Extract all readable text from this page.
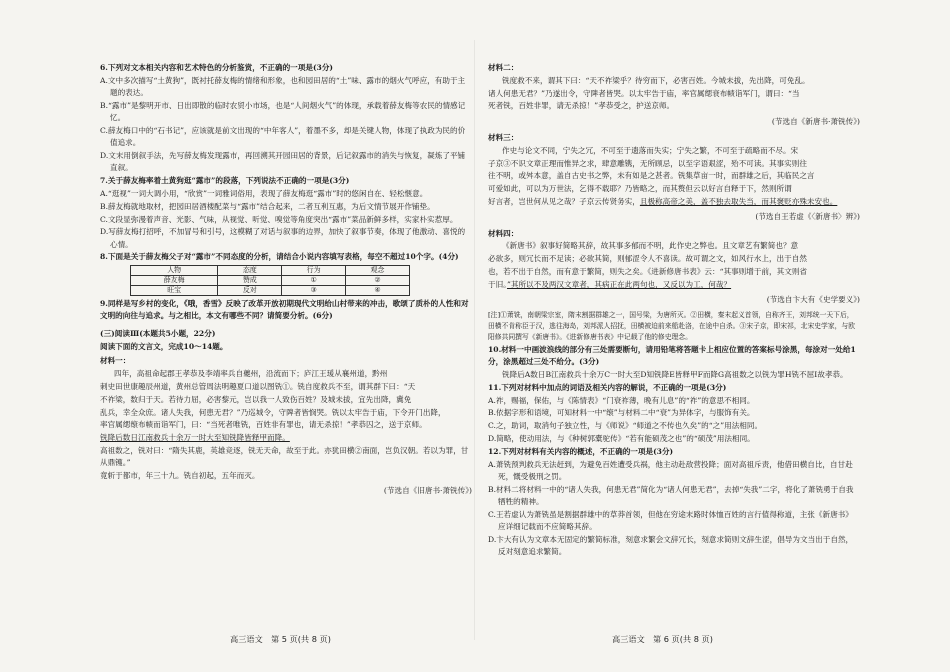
6.下列对文本相关内容和艺术特色的分析鉴赏，不正确的一项是(3分)

A.文中多次描写“土黄狗”，既衬托薛友梅的情绪和形象，也和园田居的“土”味、露市的烟火气呼应，有助于主题的表达。

B.“露市”是黎明开市、日出即散的临时农贸小市场，也是“人间烟火气”的体现，承载着薛友梅等农民的情感记忆。

C.薛友梅口中的“石书记”，应该就是前文出现的“中年客人”，着墨不多，却是关键人物，体现了执政为民的价值追求。

D.文末用倒叙手法，先写薛友梅发现露市，再回溯其开园田居的背景，后记叙露市的消失与恢复，凝炼了平铺直叙。

7.关于薛友梅率着土黄狗逛“露市”的段落，下列说法不正确的一项是(3分)

A.“逛视”一词大调小用，“欣赏”一词雅词俗用，表现了薛友梅逛“露市”时的悠闲自在、轻松惬意。

B.薛友梅就地取材，把园田居酒楼配菜与“露市”结合起来，二者互利互惠，为后文情节展开作铺垫。

C.文段显弥漫着声音、光影、气味，从视觉、听觉、嗅觉等角度突出“露市”菜品新鲜多样，实家朴实惹厚。

D.写薛友梅打招呼，不加冒号和引号，这模糊了对话与叙事的边界，加快了叙事节奏，体现了他激动、喜悦的心情。

8.下面是关于薛友梅父子对“露市”不同态度的分析，请结合小说内容填写表格，每空不超过10个字。(4分)

人物	态度	行为	观念
薛友梅	赞成	①	②
旺宝	反对	③	④

9.同样是写乡村的变化，《哦，香雪》反映了改革开放初期现代文明给山村带来的冲击，歌颂了质朴的人性和对文明的向往与追求。与之相比，本文有哪些不同？请简要分析。(6分)

(三)阅读Ⅲ(本题共5小题，22分)

阅读下面的文言文，完成10～14题。

材料一：

四年，高祖命起郡王孝恭及李靖率兵自夔州，沿流而下；庐江王瑗从襄州道，黔州

刺史田世康趣辰州道，黄州总管周法明趣夏口道以图铣①。铣自度救兵不至，谓其群下曰：“天

不祚梁，数归于天。若待力屈，必害黎元，岂以我一人致伤百姓？及城未拔，宜先出降，冀免

乱兵，幸全众庶。诸人失我，何患无君？”乃巡城令，守陴者皆悯哭。铣以太牢告于庙，下令开门出降，

率官属缌缞布帻而诣军门，曰：“当死者唯铣，百姓非有罪也，请无杀掠！”孝恭囚之，送于京师。

铣降后数日江南救兵十余万一时大至知铣降皆释甲而降。

高祖数之，铣对曰：“隋失其鹿，英雄竞逐，铣无天命，故至于此。亦犹田横②南面，岂负汉朝。若以为罪，甘从鼎镬。”

竟斩于都市，年三十九。铣自初起，五年而灭。

(节选自《旧唐书·萧铣传》)

材料二：

铣度救不来，谓其下曰：“天不祚梁乎？待穷而下，必害百姓。今城未拔，先出降，可免乱。

诸人何患无君？”乃遂出令，守陴者皆哭。以太牢告于庙，率官属缌衰布帻诣军门，谓曰：“当

死者铣，百姓非罪，请无杀掠！”孝恭受之，护送京师。

(节选自《新唐书·萧铣传》)

材料三：

作史与论文不同，宁失之冗，不可至于遗落而失实；宁失之繁，不可至于疏略而不尽。宋

子京③不识文章正理而惟异之求，肆意雕镌，无所顾忌，以至字语艰涩，殆不可读。其事实则往

往不明，或舛本意，盖自古史书之弊，未有如是之甚者。铣集草亩一时，而群雄之后，其临民之言

可爱如此，可以为万世法，乞得不载耶？乃皆略之，而其赘但云以好言自释于下，然则所谓

好言者，岂世何从见之哉？子京云传贤务实，且极称高帝之美，盖不独去取失当，而其褒贬亦殊未安也。

(节选自王若虚《〈新唐书〉辨》)

材料四：

《新唐书》叙事好简略其辞，故其事多郁而不明，此作史之弊也。且文章艺有繁简也？意

必欲多，则冗长而不足读；必欲其简，则郁涩令人不喜读。故可谓之文，如风行水上，出于自然

也，若不出于自然，而有意于繁简，则失之矣。《进新修唐书表》云：“其事则增于前，其文则省

于旧。”其所以不及两汉文章者，其病正在此两句也，又反以为工，何哉？

(节选自卞大有《史学要义》)

[注]①萧铣，南朝梁宗室，隋末割据群雄之一，国号梁，为唐所灭。②田横，秦末起义首领，自称齐王，刘邦统一天下后，田横不肯称臣于汉，逃往海岛，刘邦派人招抚，田横被迫前来船赴洛，在途中自杀。③宋子京，即宋祁，北宋史学家，与欧阳修共同撰写《新唐书》。《进新修唐书表》中记载了他的修史理念。

10.材料一中画波浪线的部分有三处需要断句，请用铅笔将答题卡上相应位置的答案标号涂黑，每涂对一处给1分，涂黑超过三处不给分。(3分)

铣降后A数日B江南救兵十余万C一时大至D知铣降E皆释甲F而降G高祖数之以铣为罪H铣不屈I故孝恭。

11.下列对材料中加点的词语及相关内容的解说，不正确的一项是(3分)

A.祚，赐福，保佑，与《陈情表》“门衰祚薄，晚有儿息”的“祚”的意思不相同。

B.依据字形和语境，可知材料一中“缞”与材料二中“衰”为异体字，与服饰有关。

C.之，助词，取消句子独立性，与《师说》“师道之不传也久矣”的“之”用法相同。

D.简略，使动用法，与《种树郭橐驼传》“若有能硕茂之也”的“硕茂”用法相同。

12.下列对材料有关内容的概述，不正确的一项是(3分)

A.萧铣预判救兵无法赶到，为避免百姓遭受兵祸，他主动赴敌营投降；面对高祖斥责，他借田横自比，自甘赴死，慨受极刑之罚。

B.材料二将材料一中的“诸人失我，何患无君”简化为“诸人何患无君”，去掉“失我”二字，将化了萧铣勇于自我牺牲的精神。

C.王若虚认为萧铣虽是割据群雄中的草莽首领，但他在穷途末路时体恤百姓的言行值得称道，主张《新唐书》应详细记载而不应简略其辞。

D.卞大有认为文章本无固定的繁简标准，刻意求繁会文辞冗长，刻意求简则文辞生涩，倡导为文当出于自然，反对刻意追求繁简。

高三语文　第 5 页(共 8 页)	高三语文　第 6 页(共 8 页)
